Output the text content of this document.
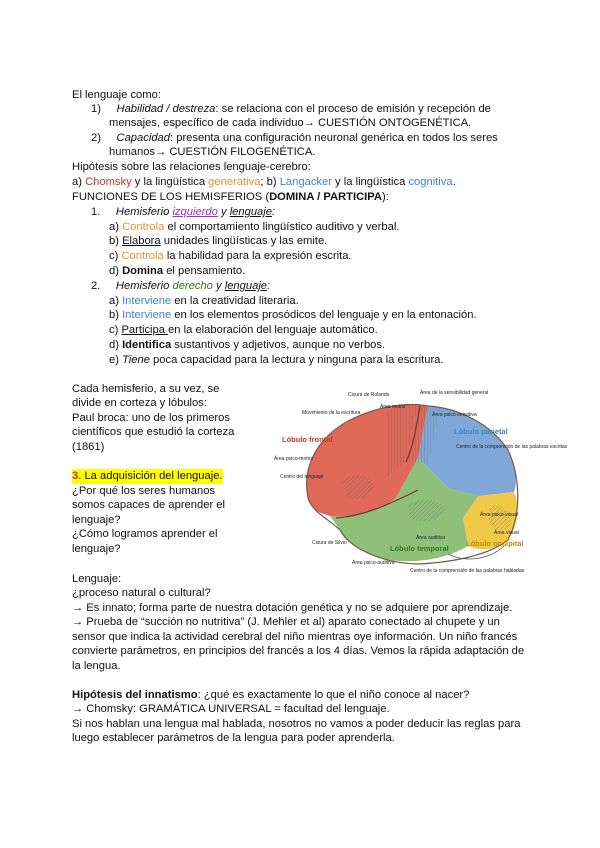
El lenguaje como:
1) Habilidad / destreza: se relaciona con el proceso de emisión y recepción de
mensajes, específico de cada individuo→ CUESTIÓN ONTOGENÉTICA.
2) Capacidad: presenta una configuración neuronal genérica en todos los seres
humanos→ CUESTIÓN FILOGENÉTICA.
Hipótesis sobre las relaciones lenguaje-cerebro:
a) Chomsky y la lingüística generativa; b) Langacker y la lingüística cognitiva.
FUNCIONES DE LOS HEMISFERIOS (DOMINA / PARTICIPA):
1. Hemisferio izquierdo y lenguaje:
a) Controla el comportamiento lingüístico auditivo y verbal.
b) Elabora unidades lingüísticas y las emite.
c) Controla la habilidad para la expresión escrita.
d) Domina el pensamiento.
2. Hemisferio derecho y lenguaje:
a) Interviene en la creatividad literaria.
b) Interviene en los elementos prosódicos del lenguaje y en la entonación.
c) Participa en la elaboración del lenguaje automático.
d) Identifica sustantivos y adjetivos, aunque no verbos.
e) Tiene poca capacidad para la lectura y ninguna para la escritura.
Cada hemisferio, a su vez, se
divide en corteza y lóbulos:
Paul broca: uno de los primeros
científicos que estudió la corteza
(1861)
3. La adquisición del lenguaje.
¿Por qué los seres humanos
somos capaces de aprender el
lenguaje?
¿Cómo logramos aprender el
lenguaje?
Cisura de Rolando
Área motriz
Área de la sensibilidad general
Movimiento de la escritura	Área psico-sensitiva
Lóbulo frontal
Lóbulo parietal
Centro de la comprensión de las palabras escritas
Área psico-motriz
Centro del lenguaje
Área psico-visual
Área visual
Área auditiva
Cisura de Silvio
Lóbulo temporal
Lóbulo occipital
Área psico-auditiva
Centro de la comprensión de las palabras habladas
Lenguaje:
¿proceso natural o cultural?
→ Es innato; forma parte de nuestra dotación genética y no se adquiere por aprendizaje.
→ Prueba de “succión no nutritiva” (J. Mehler et al) aparato conectado al chupete y un
sensor que indica la actividad cerebral del niño mientras oye información. Un niño francés
convierte parámetros, en principios del francés a los 4 días. Vemos la rápida adaptación de
la lengua.
Hipótesis del innatismo: ¿qué es exactamente lo que el niño conoce al nacer?
→ Chomsky: GRAMÁTICA UNIVERSAL = facultad del lenguaje.
Si nos hablan una lengua mal hablada, nosotros no vamos a poder deducir las reglas para
luego establecer parámetros de la lengua para poder aprenderla.
